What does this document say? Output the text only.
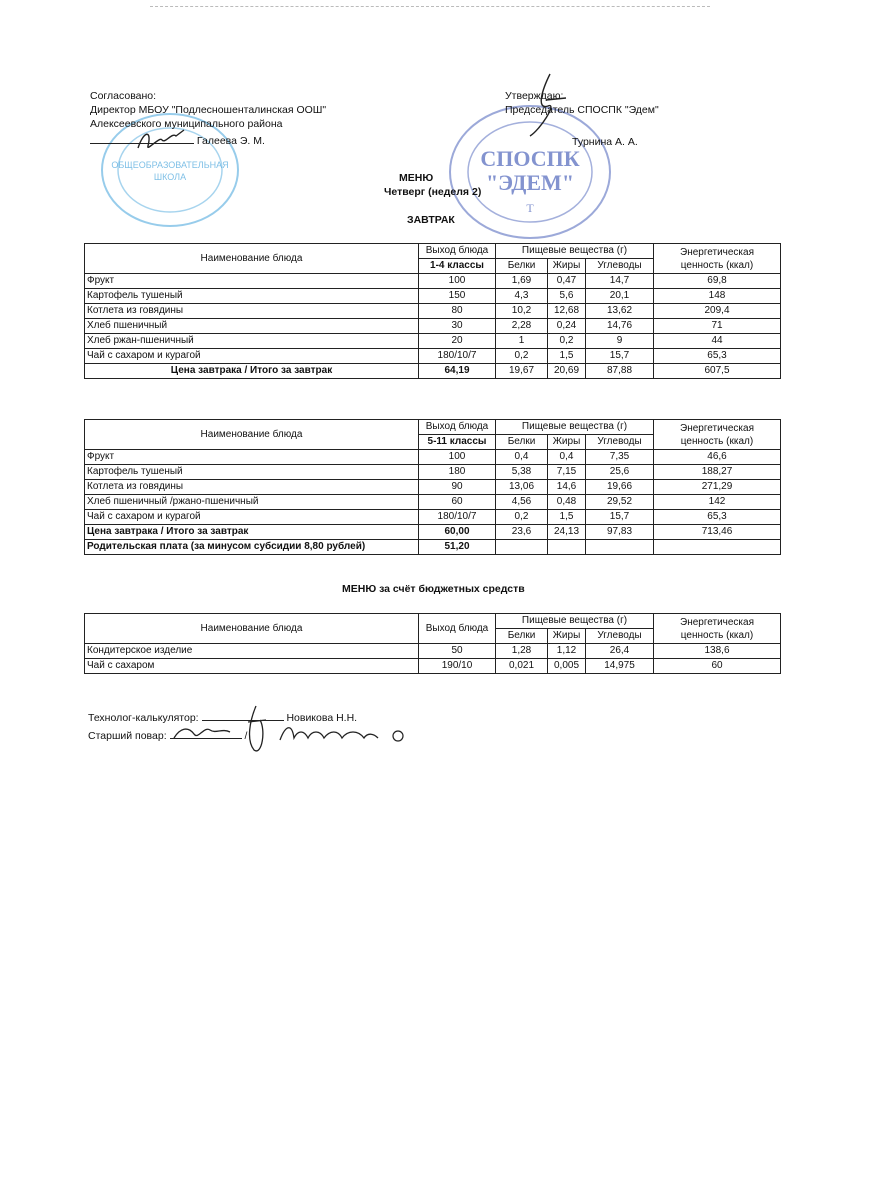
ОБЩЕОБРАЗОВАТЕЛЬНАЯ
ШКОЛА
СПОСПК
"ЭДЕМ"
Т
Согласовано:
Директор МБОУ "Подлесношенталинская ООШ"
Алексеевского муниципального района
Галеева Э. М.
Утверждаю:
Председатель СПОСПК "Эдем"
Турнина А. А.
МЕНЮ
Четверг (неделя 2)
ЗАВТРАК
Наименование блюда	Выход блюда	Пищевые вещества (г)			Энергетическая
ценность (ккал)
	1-4 классы	Белки	Жиры	Углеводы	
Фрукт	100	1,69	0,47	14,7	69,8
Картофель тушеный	150	4,3	5,6	20,1	148
Котлета из говядины	80	10,2	12,68	13,62	209,4
Хлеб пшеничный	30	2,28	0,24	14,76	71
Хлеб ржан-пшеничный	20	1	0,2	9	44
Чай с сахаром и курагой	180/10/7	0,2	1,5	15,7	65,3
Цена завтрака / Итого за завтрак	64,19	19,67	20,69	87,88	607,5
Наименование блюда	Выход блюда	Пищевые вещества (г)			Энергетическая
ценность (ккал)
	5-11 классы	Белки	Жиры	Углеводы	
Фрукт	100	0,4	0,4	7,35	46,6
Картофель тушеный	180	5,38	7,15	25,6	188,27
Котлета из говядины	90	13,06	14,6	19,66	271,29
Хлеб пшеничный /ржано-пшеничный	60	4,56	0,48	29,52	142
Чай с сахаром и курагой	180/10/7	0,2	1,5	15,7	65,3
Цена завтрака / Итого за завтрак	60,00	23,6	24,13	97,83	713,46
Родительская плата (за минусом субсидии 8,80 рублей)	51,20				
МЕНЮ за счёт бюджетных средств
Наименование блюда	Выход блюда	Пищевые вещества (г)			Энергетическая
ценность (ккал)
		Белки	Жиры	Углеводы	
Кондитерское изделие	50	1,28	1,12	26,4	138,6
Чай с сахаром	190/10	0,021	0,005	14,975	60
Технолог-калькулятор:	Новикова Н.Н.
Старший повар:	/
